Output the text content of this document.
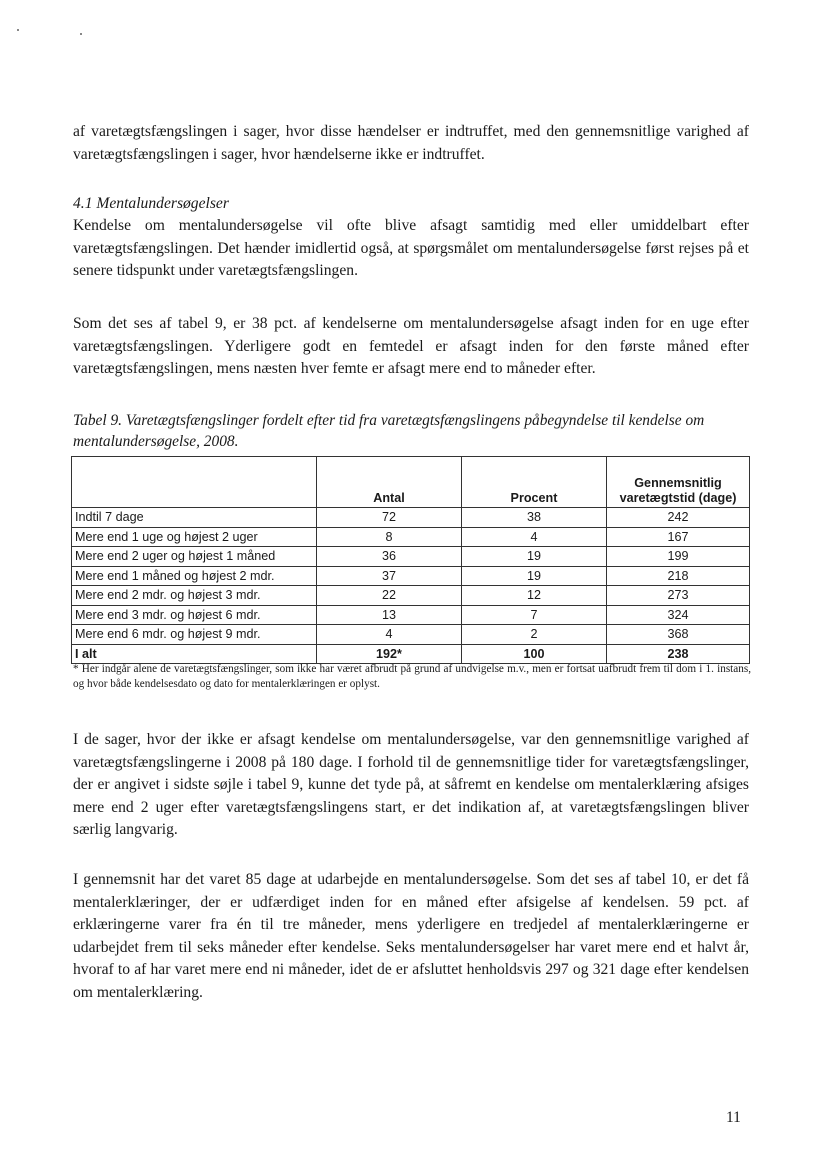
af varetægtsfængslingen i sager, hvor disse hændelser er indtruffet, med den gennemsnitlige varighed af varetægtsfængslingen i sager, hvor hændelserne ikke er indtruffet.
4.1 Mentalundersøgelser
Kendelse om mentalundersøgelse vil ofte blive afsagt samtidig med eller umiddelbart efter varetægtsfængslingen. Det hænder imidlertid også, at spørgsmålet om mentalundersøgelse først rejses på et senere tidspunkt under varetægtsfængslingen.
Som det ses af tabel 9, er 38 pct. af kendelserne om mentalundersøgelse afsagt inden for en uge efter varetægtsfængslingen. Yderligere godt en femtedel er afsagt inden for den første måned efter varetægtsfængslingen, mens næsten hver femte er afsagt mere end to måneder efter.
Tabel 9. Varetægtsfængslinger fordelt efter tid fra varetægtsfængslingens påbegyndelse til kendelse om mentalundersøgelse, 2008.
	Antal	Procent	Gennemsnitlig varetægtstid (dage)
Indtil 7 dage	72	38	242
Mere end 1 uge og højest 2 uger	8	4	167
Mere end 2 uger og højest 1 måned	36	19	199
Mere end 1 måned og højest 2 mdr.	37	19	218
Mere end 2 mdr. og højest 3 mdr.	22	12	273
Mere end 3 mdr. og højest 6 mdr.	13	7	324
Mere end 6 mdr. og højest 9 mdr.	4	2	368
I alt	192*	100	238
* Her indgår alene de varetægtsfængslinger, som ikke har været afbrudt på grund af undvigelse m.v., men er fortsat uafbrudt frem til dom i 1. instans, og hvor både kendelsesdato og dato for mentalerklæringen er oplyst.
I de sager, hvor der ikke er afsagt kendelse om mentalundersøgelse, var den gennemsnitlige varighed af varetægtsfængslingerne i 2008 på 180 dage. I forhold til de gennemsnitlige tider for varetægtsfængslinger, der er angivet i sidste søjle i tabel 9, kunne det tyde på, at såfremt en kendelse om mentalerklæring afsiges mere end 2 uger efter varetægtsfængslingens start, er det indikation af, at varetægtsfængslingen bliver særlig langvarig.
I gennemsnit har det varet 85 dage at udarbejde en mentalundersøgelse. Som det ses af tabel 10, er det få mentalerklæringer, der er udfærdiget inden for en måned efter afsigelse af kendelsen. 59 pct. af erklæringerne varer fra én til tre måneder, mens yderligere en tredjedel af mentalerklæringerne er udarbejdet frem til seks måneder efter kendelse. Seks mentalundersøgelser har varet mere end et halvt år, hvoraf to af har varet mere end ni måneder, idet de er afsluttet henholdsvis 297 og 321 dage efter kendelsen om mentalerklæring.
11
